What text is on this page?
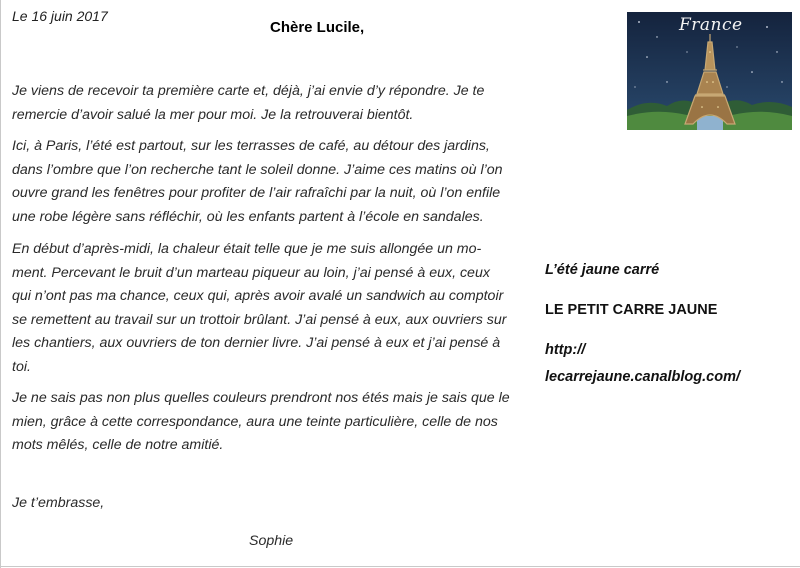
Le 16 juin 2017
Chère Lucile,

Je viens de recevoir ta première carte et, déjà, j’ai envie d’y répondre. Je te
remercie d’avoir salué la mer pour moi. Je la retrouverai bientôt.

Ici, à Paris, l’été est partout, sur les terrasses de café, au détour des jardins,
dans l’ombre que l’on recherche tant le soleil donne. J’aime ces matins où l’on
ouvre grand les fenêtres pour profiter de l’air rafraîchi par la nuit, où l’on enfile
une robe légère sans réfléchir, où les enfants partent à l’école en sandales.

En début d’après-midi, la chaleur était telle que je me suis allongée un mo-
ment. Percevant le bruit d’un marteau piqueur au loin, j’ai pensé à eux, ceux
qui n’ont pas ma chance, ceux qui, après avoir avalé un sandwich au comptoir
se remettent au travail sur un trottoir brûlant. J’ai pensé à eux, aux ouvriers sur
les chantiers, aux ouvriers de ton dernier livre. J’ai pensé à eux et j’ai pensé à
toi.

Je ne sais pas non plus quelles couleurs prendront nos étés mais je sais que le
mien, grâce à cette correspondance, aura une teinte particulière, celle de nos
mots mêlés, celle de notre amitié.

Je t’embrasse,
Sophie
L’été jaune carré
LE PETIT CARRE JAUNE
http://
lecarrejaune.canalblog.com/
France
